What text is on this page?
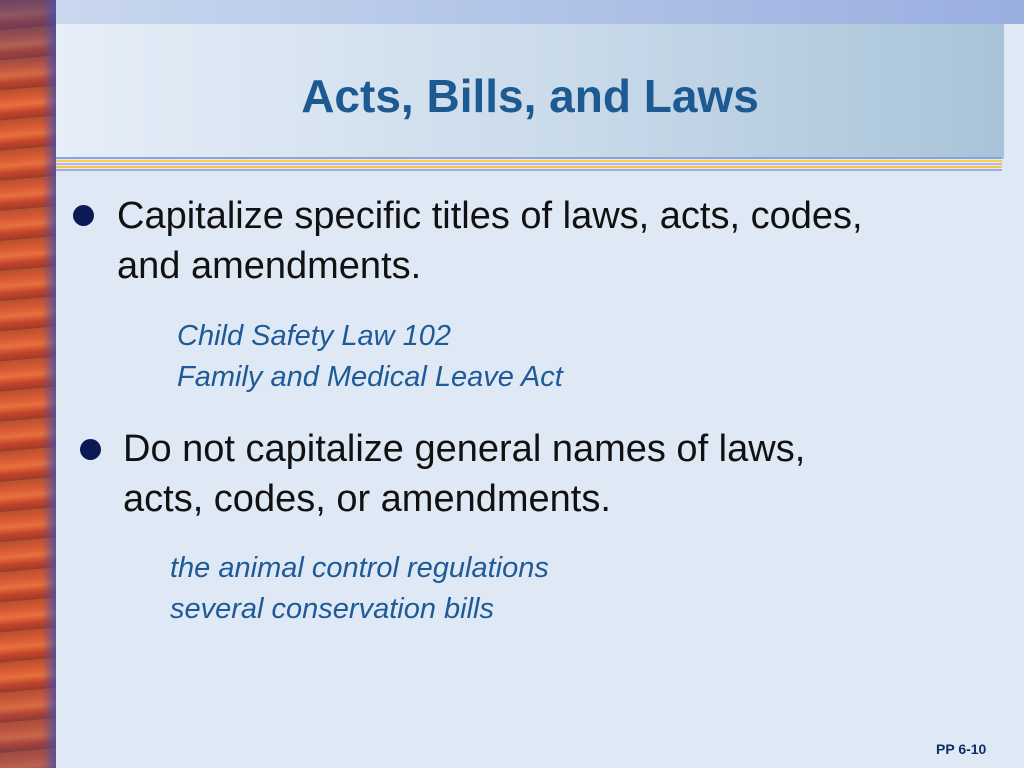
Acts, Bills, and Laws
Capitalize specific titles of laws, acts, codes,
and amendments.
Child Safety Law 102
Family and Medical Leave Act
Do not capitalize general names of laws,
acts, codes, or amendments.
the animal control regulations
several conservation bills
PP 6-10
